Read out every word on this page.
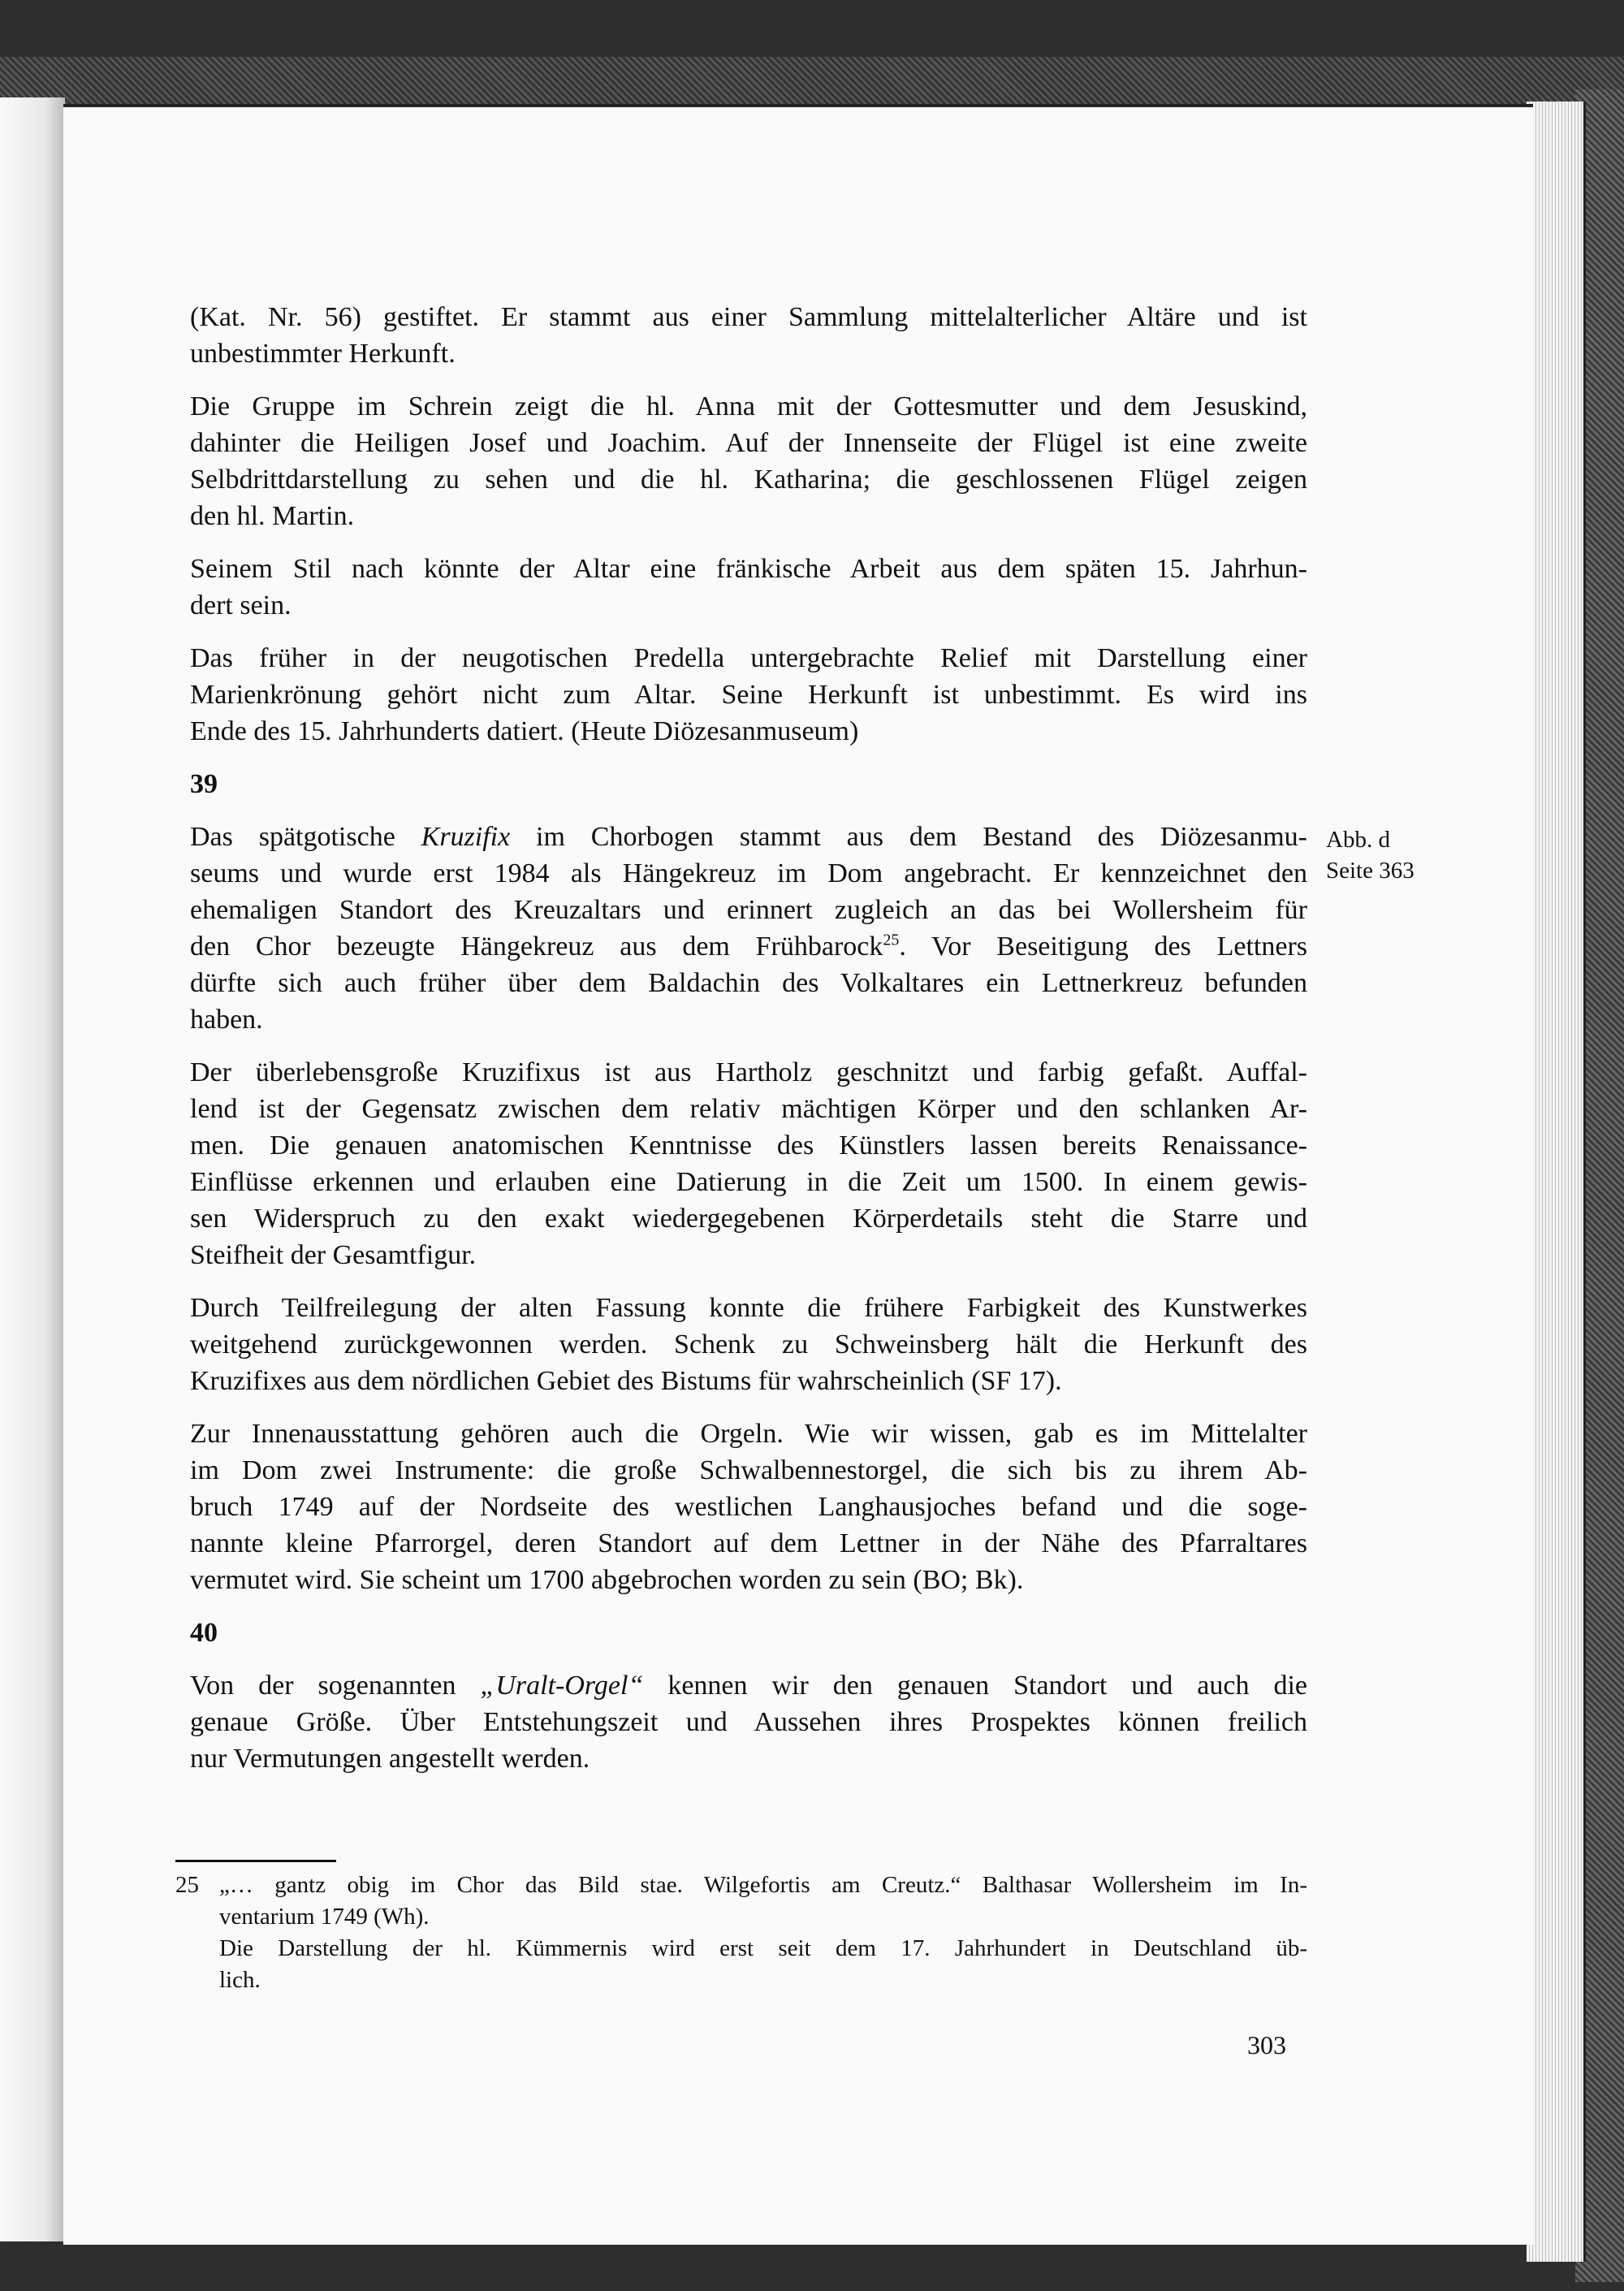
(Kat. Nr. 56) gestiftet. Er stammt aus einer Sammlung mittelalterlicher Altäre und ist
unbestimmter Herkunft.
Die Gruppe im Schrein zeigt die hl. Anna mit der Gottesmutter und dem Jesuskind,
dahinter die Heiligen Josef und Joachim. Auf der Innenseite der Flügel ist eine zweite
Selbdrittdarstellung zu sehen und die hl. Katharina; die geschlossenen Flügel zeigen
den hl. Martin.
Seinem Stil nach könnte der Altar eine fränkische Arbeit aus dem späten 15. Jahrhun-
dert sein.
Das früher in der neugotischen Predella untergebrachte Relief mit Darstellung einer
Marienkrönung gehört nicht zum Altar. Seine Herkunft ist unbestimmt. Es wird ins
Ende des 15. Jahrhunderts datiert. (Heute Diözesanmuseum)
39
Das spätgotische Kruzifix im Chorbogen stammt aus dem Bestand des Diözesanmu-
seums und wurde erst 1984 als Hängekreuz im Dom angebracht. Er kennzeichnet den
ehemaligen Standort des Kreuzaltars und erinnert zugleich an das bei Wollersheim für
den Chor bezeugte Hängekreuz aus dem Frühbarock$^{25}$. Vor Beseitigung des Lettners
dürfte sich auch früher über dem Baldachin des Volkaltares ein Lettnerkreuz befunden
haben.
Der überlebensgroße Kruzifixus ist aus Hartholz geschnitzt und farbig gefaßt. Auffal-
lend ist der Gegensatz zwischen dem relativ mächtigen Körper und den schlanken Ar-
men. Die genauen anatomischen Kenntnisse des Künstlers lassen bereits Renaissance-
Einflüsse erkennen und erlauben eine Datierung in die Zeit um 1500. In einem gewis-
sen Widerspruch zu den exakt wiedergegebenen Körperdetails steht die Starre und
Steifheit der Gesamtfigur.
Durch Teilfreilegung der alten Fassung konnte die frühere Farbigkeit des Kunstwerkes
weitgehend zurückgewonnen werden. Schenk zu Schweinsberg hält die Herkunft des
Kruzifixes aus dem nördlichen Gebiet des Bistums für wahrscheinlich (SF 17).
Zur Innenausstattung gehören auch die Orgeln. Wie wir wissen, gab es im Mittelalter
im Dom zwei Instrumente: die große Schwalbennestorgel, die sich bis zu ihrem Ab-
bruch 1749 auf der Nordseite des westlichen Langhausjoches befand und die soge-
nannte kleine Pfarrorgel, deren Standort auf dem Lettner in der Nähe des Pfarraltares
vermutet wird. Sie scheint um 1700 abgebrochen worden zu sein (BO; Bk).
40
Von der sogenannten „Uralt-Orgel“ kennen wir den genauen Standort und auch die
genaue Größe. Über Entstehungszeit und Aussehen ihres Prospektes können freilich
nur Vermutungen angestellt werden.
Abb. d
Seite 363
25 „… gantz obig im Chor das Bild stae. Wilgefortis am Creutz.“ Balthasar Wollersheim im In-
ventarium 1749 (Wh).
Die Darstellung der hl. Kümmernis wird erst seit dem 17. Jahrhundert in Deutschland üb-
lich.
303
